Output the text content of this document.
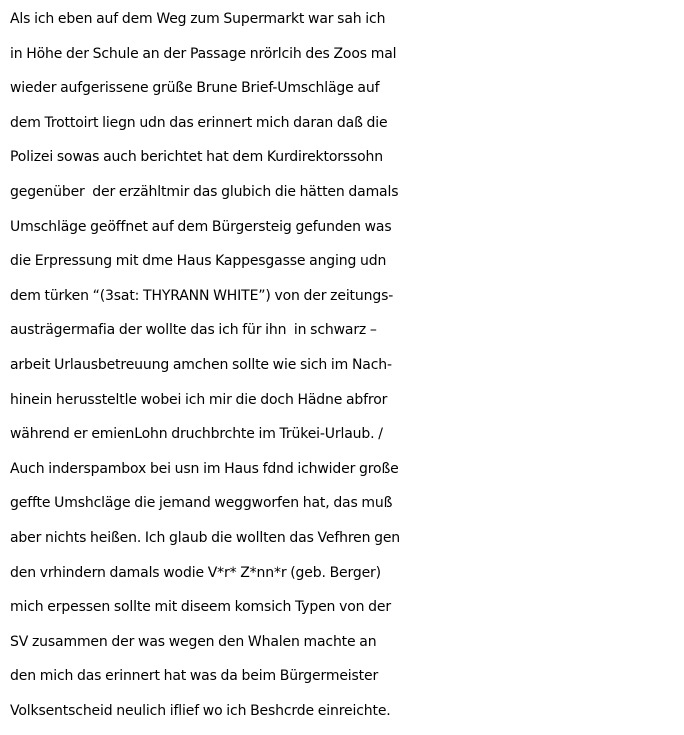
Als ich eben auf dem Weg zum Supermarkt war sah ich
in Höhe der Schule an der Passage nrörlcih des Zoos mal
wieder aufgerissene grüße Brune Brief-Umschläge auf
dem Trottoirt liegn udn das erinnert mich daran daß die
Polizei sowas auch berichtet hat dem Kurdirektorssohn
gegenüber  der erzähltmir das glubich die hätten damals
Umschläge geöffnet auf dem Bürgersteig gefunden was
die Erpressung mit dme Haus Kappesgasse anging udn
dem türken “(3sat: THYRANN WHITE”) von der zeitungs-
austrägermafia der wollte das ich für ihn  in schwarz –
arbeit Urlausbetreuung amchen sollte wie sich im Nach-
hinein herussteltle wobei ich mir die doch Hädne abfror
während er emienLohn druchbrchte im Trükei-Urlaub. /
Auch inderspambox bei usn im Haus fdnd ichwider große
geffte Umshcläge die jemand weggworfen hat, das muß
aber nichts heißen. Ich glaub die wollten das Vefhren gen
den vrhindern damals wodie V*r* Z*nn*r (geb. Berger)
mich erpessen sollte mit diseem komsich Typen von der
SV zusammen der was wegen den Whalen machte an
den mich das erinnert hat was da beim Bürgermeister
Volksentscheid neulich iflief wo ich Beshcrde einreichte.
